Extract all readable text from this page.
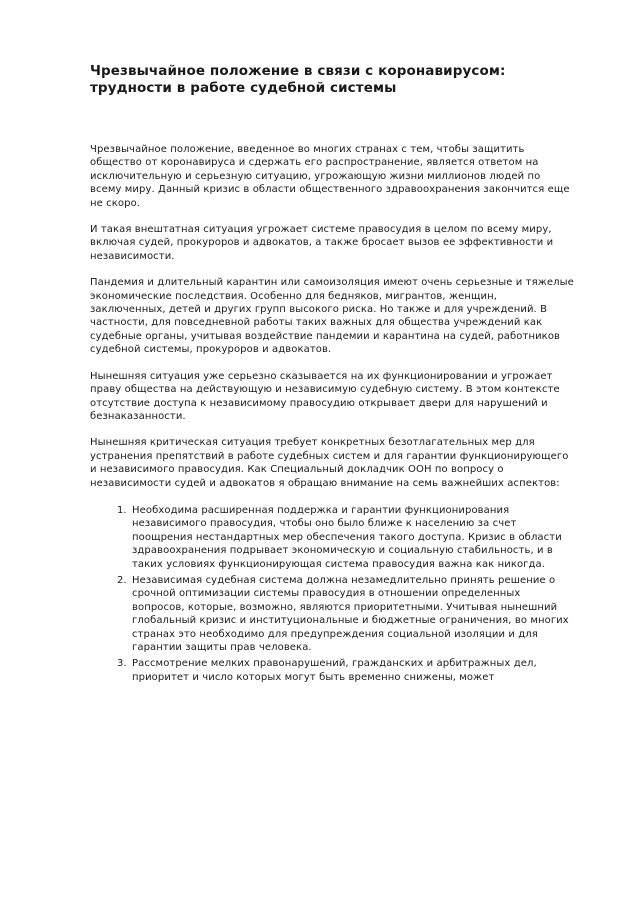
Чрезвычайное положение в связи с коронавирусом: трудности в работе судебной системы

Чрезвычайное положение, введенное во многих странах с тем, чтобы защитить общество от коронавируса и сдержать его распространение, является ответом на исключительную и серьезную ситуацию, угрожающую жизни миллионов людей по всему миру. Данный кризис в области общественного здравоохранения закончится еще не скоро.

И такая внештатная ситуация угрожает системе правосудия в целом по всему миру, включая судей, прокуроров и адвокатов, а также бросает вызов ее эффективности и независимости.

Пандемия и длительный карантин или самоизоляция имеют очень серьезные и тяжелые экономические последствия. Особенно для бедняков, мигрантов, женщин, заключенных, детей и других групп высокого риска. Но также и для учреждений. В частности, для повседневной работы таких важных для общества учреждений как судебные органы, учитывая воздействие пандемии и карантина на судей, работников судебной системы, прокуроров и адвокатов.

Нынешняя ситуация уже серьезно сказывается на их функционировании и угрожает праву общества на действующую и независимую судебную систему. В этом контексте отсутствие доступа к независимому правосудию открывает двери для нарушений и безнаказанности.

Нынешняя критическая ситуация требует конкретных безотлагательных мер для устранения препятствий в работе судебных систем и для гарантии функционирующего и независимого правосудия. Как Специальный докладчик ООН по вопросу о независимости судей и адвокатов я обращаю внимание на семь важнейших аспектов:

1. Необходима расширенная поддержка и гарантии функционирования независимого правосудия, чтобы оно было ближе к населению за счет поощрения нестандартных мер обеспечения такого доступа. Кризис в области здравоохранения подрывает экономическую и социальную стабильность, и в таких условиях функционирующая система правосудия важна как никогда.
2. Независимая судебная система должна незамедлительно принять решение о срочной оптимизации системы правосудия в отношении определенных вопросов, которые, возможно, являются приоритетными. Учитывая нынешний глобальный кризис и институциональные и бюджетные ограничения, во многих странах это необходимо для предупреждения социальной изоляции и для гарантии защиты прав человека.
3. Рассмотрение мелких правонарушений, гражданских и арбитражных дел, приоритет и число которых могут быть временно снижены, может
